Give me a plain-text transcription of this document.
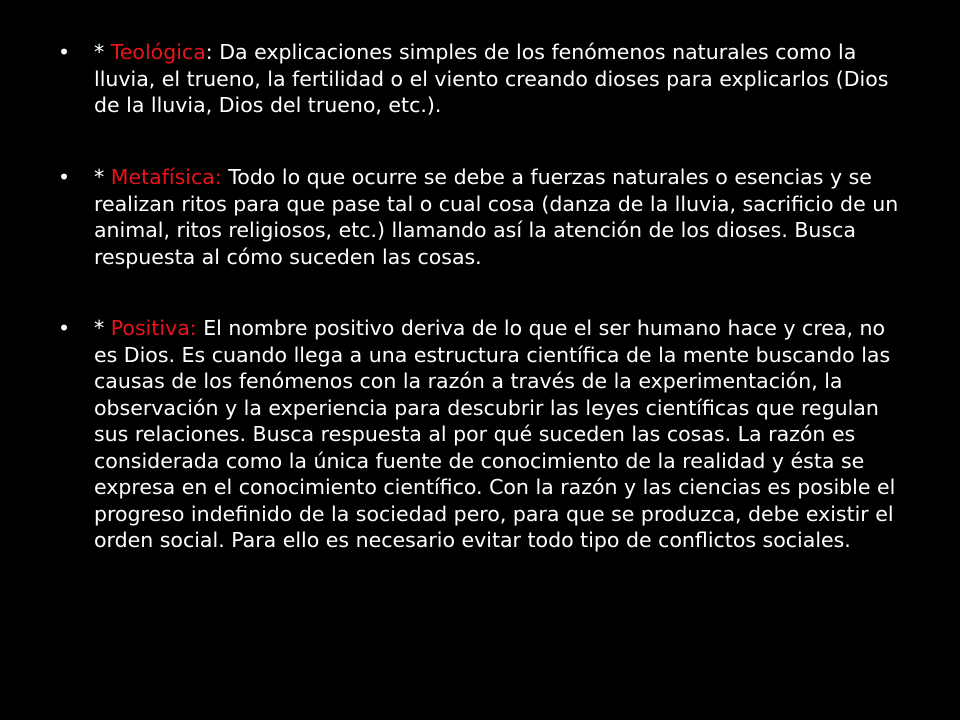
• * Teológica: Da explicaciones simples de los fenómenos naturales como la lluvia, el trueno, la fertilidad o el viento creando dioses para explicarlos (Dios de la lluvia, Dios del trueno, etc.).
• * Metafísica: Todo lo que ocurre se debe a fuerzas naturales o esencias y se realizan ritos para que pase tal o cual cosa (danza de la lluvia, sacrificio de un animal, ritos religiosos, etc.) llamando así la atención de los dioses. Busca respuesta al cómo suceden las cosas.
• * Positiva: El nombre positivo deriva de lo que el ser humano hace y crea, no es Dios. Es cuando llega a una estructura científica de la mente buscando las causas de los fenómenos con la razón a través de la experimentación, la observación y la experiencia para descubrir las leyes científicas que regulan sus relaciones. Busca respuesta al por qué suceden las cosas. La razón es considerada como la única fuente de conocimiento de la realidad y ésta se expresa en el conocimiento científico. Con la razón y las ciencias es posible el progreso indefinido de la sociedad pero, para que se produzca, debe existir el orden social. Para ello es necesario evitar todo tipo de conflictos sociales.
